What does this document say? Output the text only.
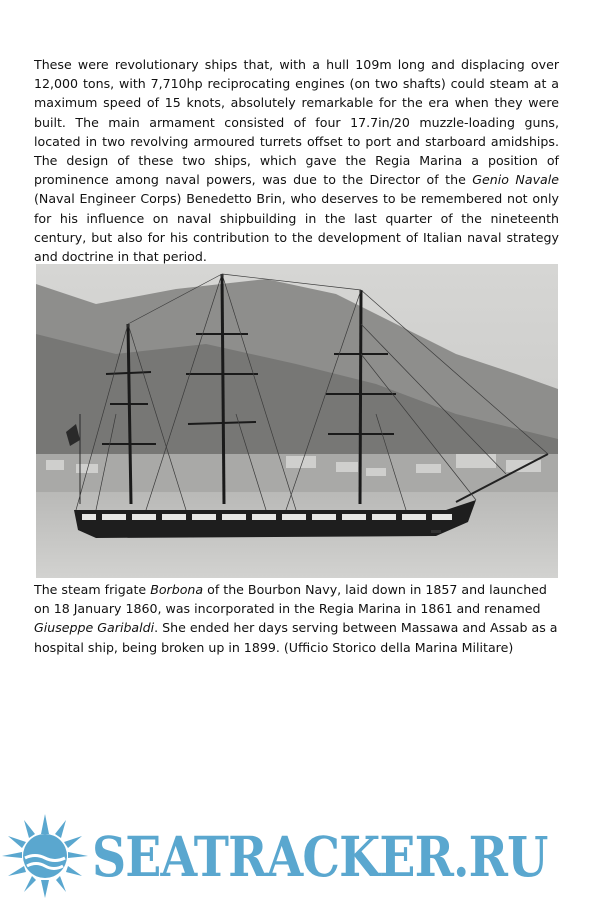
These were revolutionary ships that, with a hull 109m long and displacing over 12,000 tons, with 7,710hp reciprocating engines (on two shafts) could steam at a maximum speed of 15 knots, absolutely remarkable for the era when they were built. The main armament consisted of four 17.7in/20 muzzle-loading guns, located in two revolving armoured turrets offset to port and starboard amidships. The design of these two ships, which gave the Regia Marina a position of prominence among naval powers, was due to the Director of the Genio Navale (Naval Engineer Corps) Benedetto Brin, who deserves to be remembered not only for his influence on naval shipbuilding in the last quarter of the nineteenth century, but also for his contribution to the development of Italian naval strategy and doctrine in that period.

The steam frigate Borbona of the Bourbon Navy, laid down in 1857 and launched on 18 January 1860, was incorporated in the Regia Marina in 1861 and renamed Giuseppe Garibaldi. She ended her days serving between Massawa and Assab as a hospital ship, being broken up in 1899. (Ufficio Storico della Marina Militare)

SEATRACKER.RU
